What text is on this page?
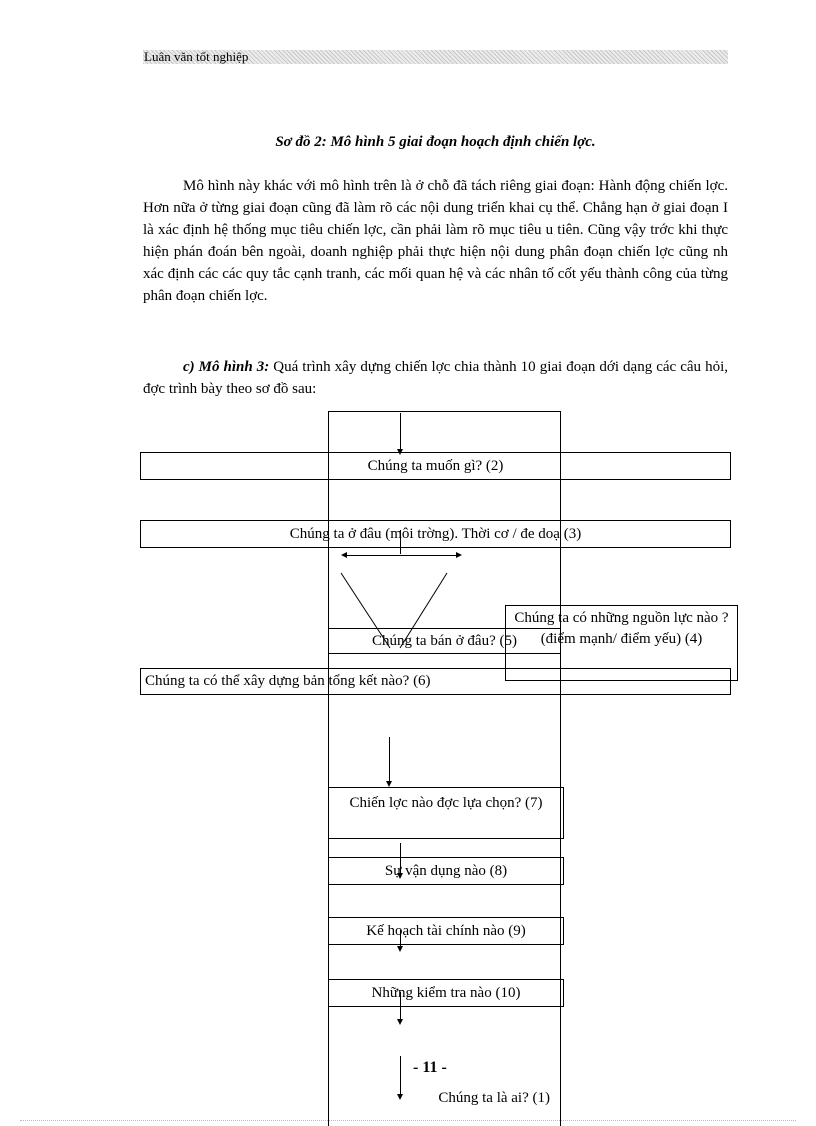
Luân văn tốt nghiệp
Sơ đồ 2: Mô hình 5 giai đoạn hoạch định chiến lợc.

Mô hình này khác với mô hình trên là ở chỗ đã tách riêng giai đoạn: Hành động chiến lợc. Hơn nữa ở từng giai đoạn cũng đã làm rõ các nội dung triển khai cụ thể. Chẳng hạn ở giai đoạn I là xác định hệ thống mục tiêu chiến lợc, cần phải làm rõ mục tiêu u tiên. Cũng vậy trớc khi thực hiện phán đoán bên ngoài, doanh nghiệp phải thực hiện nội dung phân đoạn chiến lợc cũng nh xác định các các quy tắc cạnh tranh, các mối quan hệ và các nhân tố cốt yếu thành công của từng phân đoạn chiến lợc.

c) Mô hình 3: Quá trình xây dựng chiến lợc chia thành 10 giai đoạn dới dạng các câu hỏi, đợc trình bày theo sơ đồ sau:

Chúng ta muốn gì? (2)
Chúng ta ở đâu (môi trờng). Thời cơ / đe doạ (3)
Chúng ta bán ở đâu? (5)
Chúng ta có thể xây dựng bản tổng kết nào? (6)
Chúng ta có những nguồn lực nào ? (điểm mạnh/ điểm yếu) (4)
Chiến lợc nào đợc lựa chọn? (7)
Sự vận dụng nào (8)
Kế hoạch tài chính nào (9)
Những kiểm tra nào (10)
Chúng ta là ai? (1)
- 11 -
